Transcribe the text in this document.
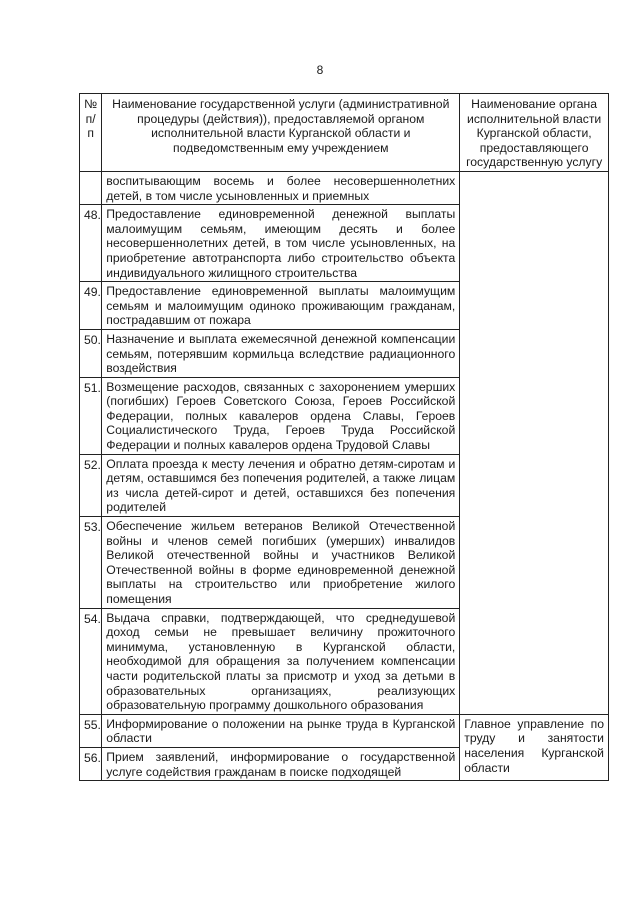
8
№ п/п	Наименование государственной услуги (административной процедуры (действия)), предоставляемой органом исполнительной власти Курганской области и подведомственным ему учреждением	Наименование органа исполнительной власти Курганской области, предоставляющего государственную услугу
	воспитывающим восемь и более несовершеннолетних детей, в том числе усыновленных и приемных	
48.	Предоставление единовременной денежной выплаты малоимущим семьям, имеющим десять и более несовершеннолетних детей, в том числе усыновленных, на приобретение автотранспорта либо строительство объекта индивидуального жилищного строительства	
49.	Предоставление единовременной выплаты малоимущим семьям и малоимущим одиноко проживающим гражданам, пострадавшим от пожара	
50.	Назначение и выплата ежемесячной денежной компенсации семьям, потерявшим кормильца вследствие радиационного воздействия	
51.	Возмещение расходов, связанных с захоронением умерших (погибших) Героев Советского Союза, Героев Российской Федерации, полных кавалеров ордена Славы, Героев Социалистического Труда, Героев Труда Российской Федерации и полных кавалеров ордена Трудовой Славы	
52.	Оплата проезда к месту лечения и обратно детям-сиротам и детям, оставшимся без попечения родителей, а также лицам из числа детей-сирот и детей, оставшихся без попечения родителей	
53.	Обеспечение жильем ветеранов Великой Отечественной войны и членов семей погибших (умерших) инвалидов Великой отечественной войны и участников Великой Отечественной войны в форме единовременной денежной выплаты на строительство или приобретение жилого помещения	
54.	Выдача справки, подтверждающей, что среднедушевой доход семьи не превышает величину прожиточного минимума, установленную в Курганской области, необходимой для обращения за получением компенсации части родительской платы за присмотр и уход за детьми в образовательных организациях, реализующих образовательную программу дошкольного образования	
55.	Информирование о положении на рынке труда в Курганской области	Главное управление по труду и занятости населения Курганской области
56.	Прием заявлений, информирование о государственной услуге содействия гражданам в поиске подходящей	
